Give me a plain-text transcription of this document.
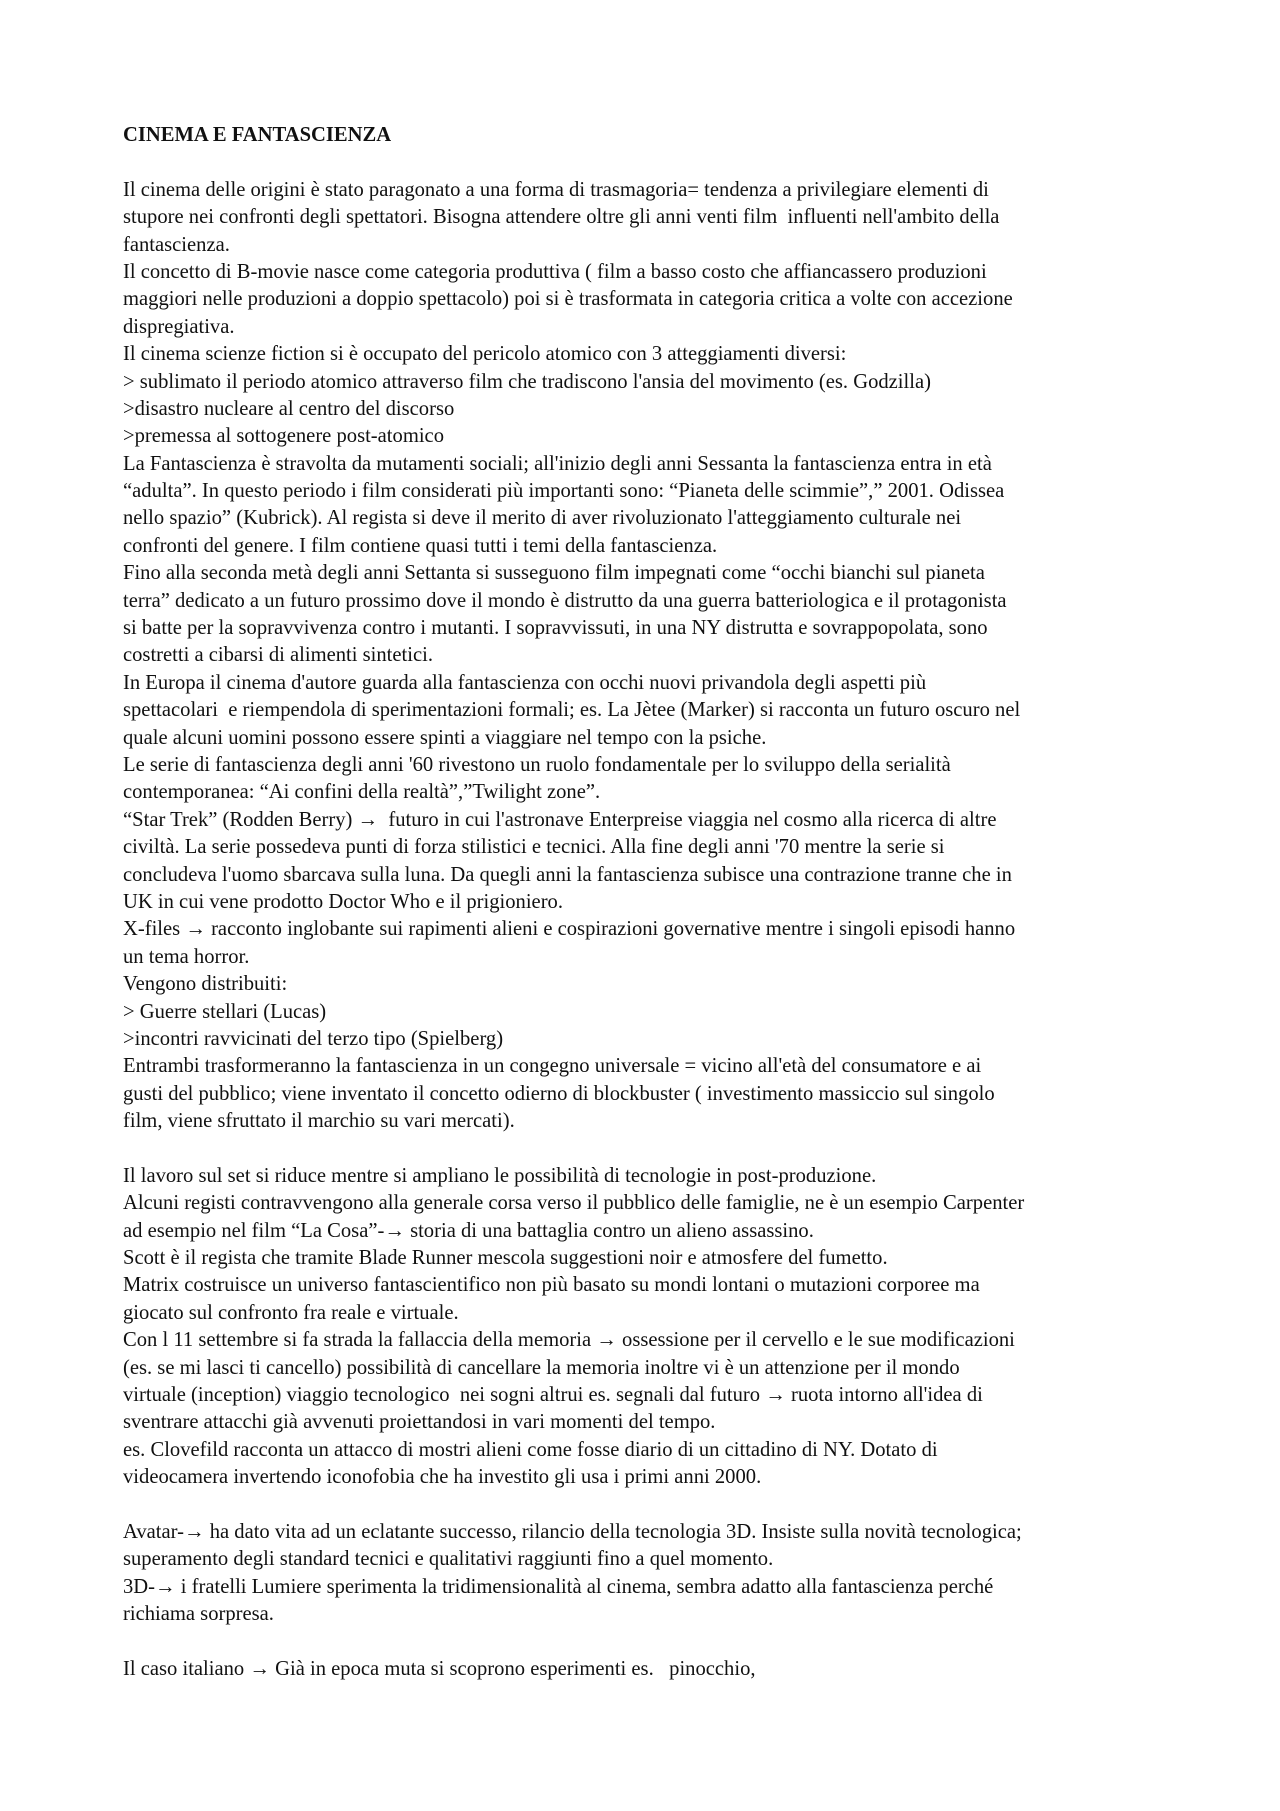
CINEMA E FANTASCIENZA
Il cinema delle origini è stato paragonato a una forma di trasmagoria= tendenza a privilegiare elementi di
stupore nei confronti degli spettatori. Bisogna attendere oltre gli anni venti film  influenti nell'ambito della
fantascienza.
Il concetto di B-movie nasce come categoria produttiva ( film a basso costo che affiancassero produzioni
maggiori nelle produzioni a doppio spettacolo) poi si è trasformata in categoria critica a volte con accezione
dispregiativa.
Il cinema scienze fiction si è occupato del pericolo atomico con 3 atteggiamenti diversi:
> sublimato il periodo atomico attraverso film che tradiscono l'ansia del movimento (es. Godzilla)
>disastro nucleare al centro del discorso
>premessa al sottogenere post-atomico
La Fantascienza è stravolta da mutamenti sociali; all'inizio degli anni Sessanta la fantascienza entra in età
“adulta”. In questo periodo i film considerati più importanti sono: “Pianeta delle scimmie”,” 2001. Odissea
nello spazio” (Kubrick). Al regista si deve il merito di aver rivoluzionato l'atteggiamento culturale nei
confronti del genere. I film contiene quasi tutti i temi della fantascienza.
Fino alla seconda metà degli anni Settanta si susseguono film impegnati come “occhi bianchi sul pianeta
terra” dedicato a un futuro prossimo dove il mondo è distrutto da una guerra batteriologica e il protagonista
si batte per la sopravvivenza contro i mutanti. I sopravvissuti, in una NY distrutta e sovrappopolata, sono
costretti a cibarsi di alimenti sintetici.
In Europa il cinema d'autore guarda alla fantascienza con occhi nuovi privandola degli aspetti più
spettacolari  e riempendola di sperimentazioni formali; es. La Jètee (Marker) si racconta un futuro oscuro nel
quale alcuni uomini possono essere spinti a viaggiare nel tempo con la psiche.
Le serie di fantascienza degli anni '60 rivestono un ruolo fondamentale per lo sviluppo della serialità
contemporanea: “Ai confini della realtà”,”Twilight zone”.
“Star Trek” (Rodden Berry) →  futuro in cui l'astronave Enterpreise viaggia nel cosmo alla ricerca di altre
civiltà. La serie possedeva punti di forza stilistici e tecnici. Alla fine degli anni '70 mentre la serie si
concludeva l'uomo sbarcava sulla luna. Da quegli anni la fantascienza subisce una contrazione tranne che in
UK in cui vene prodotto Doctor Who e il prigioniero.
X-files → racconto inglobante sui rapimenti alieni e cospirazioni governative mentre i singoli episodi hanno
un tema horror.
Vengono distribuiti:
> Guerre stellari (Lucas)
>incontri ravvicinati del terzo tipo (Spielberg)
Entrambi trasformeranno la fantascienza in un congegno universale = vicino all'età del consumatore e ai
gusti del pubblico; viene inventato il concetto odierno di blockbuster ( investimento massiccio sul singolo
film, viene sfruttato il marchio su vari mercati).
Il lavoro sul set si riduce mentre si ampliano le possibilità di tecnologie in post-produzione.
Alcuni registi contravvengono alla generale corsa verso il pubblico delle famiglie, ne è un esempio Carpenter
ad esempio nel film “La Cosa”-→ storia di una battaglia contro un alieno assassino.
Scott è il regista che tramite Blade Runner mescola suggestioni noir e atmosfere del fumetto.
Matrix costruisce un universo fantascientifico non più basato su mondi lontani o mutazioni corporee ma
giocato sul confronto fra reale e virtuale.
Con l 11 settembre si fa strada la fallaccia della memoria → ossessione per il cervello e le sue modificazioni
(es. se mi lasci ti cancello) possibilità di cancellare la memoria inoltre vi è un attenzione per il mondo
virtuale (inception) viaggio tecnologico  nei sogni altrui es. segnali dal futuro → ruota intorno all'idea di
sventrare attacchi già avvenuti proiettandosi in vari momenti del tempo.
es. Clovefild racconta un attacco di mostri alieni come fosse diario di un cittadino di NY. Dotato di
videocamera invertendo iconofobia che ha investito gli usa i primi anni 2000.
Avatar-→ ha dato vita ad un eclatante successo, rilancio della tecnologia 3D. Insiste sulla novità tecnologica;
superamento degli standard tecnici e qualitativi raggiunti fino a quel momento.
3D-→ i fratelli Lumiere sperimenta la tridimensionalità al cinema, sembra adatto alla fantascienza perché
richiama sorpresa.
Il caso italiano → Già in epoca muta si scoprono esperimenti es.   pinocchio,
